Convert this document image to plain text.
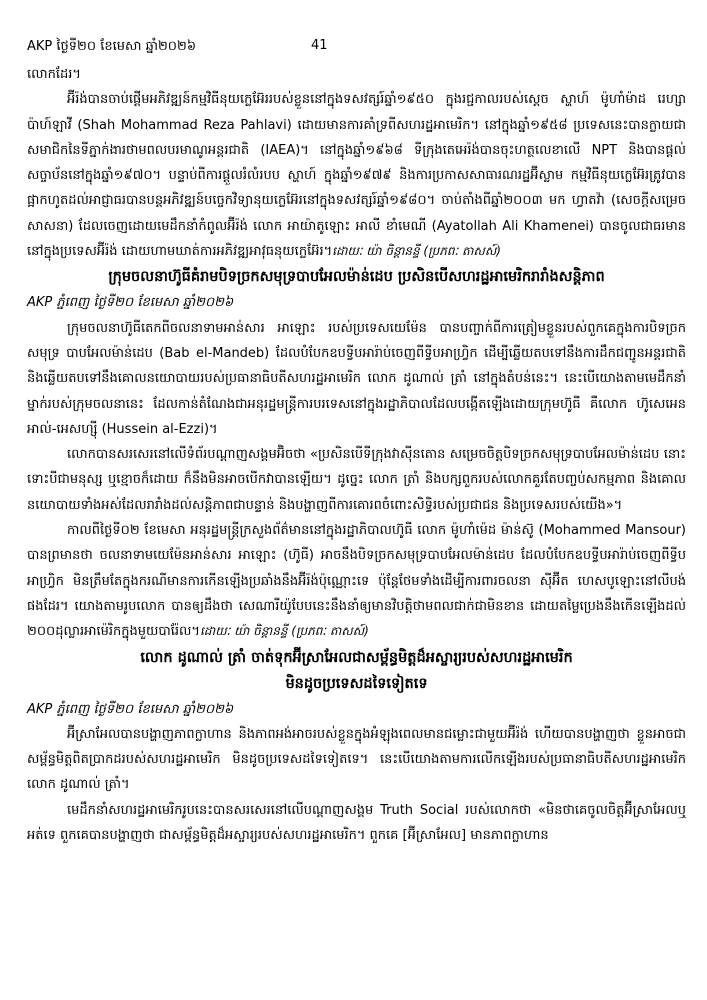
AKP ថ្ងៃទី២០ ខែមេសា ឆ្នាំ២០២៦	41

លោកដែរ។

អ៊ីរ៉ង់បានចាប់ផ្តើមអភិវឌ្ឍន៍កម្មវិធីនុយក្លេអ៊ែររបស់ខ្លួននៅក្នុងទសវត្សរ៍ឆ្នាំ១៩៥០ ក្នុងរជ្ជកាលរបស់ស្តេច ស្ហាហ៍ ម៉ូហាំម៉ាដ រេហ្សា ប៉ាហ៍ឡាវី (Shah Mohammad Reza Pahlavi) ដោយមានការគាំទ្រពីសហរដ្ឋអាមេរិក។ នៅក្នុងឆ្នាំ១៩៥៨ ប្រទេសនេះបានក្លាយជាសមាជិកនៃទីភ្នាក់ងារថាមពលបរមាណូអន្តរជាតិ (IAEA)។ នៅក្នុងឆ្នាំ១៩៦៨ ទីក្រុងតេអេរ៉ង់បានចុះហត្ថលេខាលើ NPT និងបានផ្តល់សច្ចាប័ននៅក្នុងឆ្នាំ១៩៧០។ បន្ទាប់ពីការផ្តួលរំលំរបប ស្ហាហ៍ ក្នុងឆ្នាំ១៩៧៩ និងការប្រកាសសាធារណរដ្ឋអ៊ីស្លាម កម្មវិធីនុយក្លេអ៊ែរត្រូវបានផ្អាកហូតដល់អាជ្ញាធរបានបន្តអភិវឌ្ឍន៍បច្ចេកវិទ្យានុយក្លេអ៊ែរនៅក្នុងទសវត្សរ៍ឆ្នាំ១៩៨០។ ចាប់តាំងពីឆ្នាំ២០០៣ មក ហ្វាតវ៉ា (សេចក្តីសម្រេចសាសនា) ដែលចេញដោយមេដឹកនាំកំពូលអ៊ីរ៉ង់ លោក អាយ៉ាតូឡោះ អាលី ខាំមេណី (Ayatollah Ali Khamenei) បានចូលជាធរមាននៅក្នុងប្រទេសអ៊ីរ៉ង់ ដោយហាមឃាត់ការអភិវឌ្ឍអាវុធនុយក្លេអ៊ែរ។ដោយៈ យ៉ា ចិន្តានន្ទី (ប្រភពៈ តាសស៍)

ក្រុមចលនាហ៊ូធីគំរាមបិទច្រកសមុទ្របាបអែលម៉ាន់ដេប ប្រសិនបើសហរដ្ឋអាមេរិករារាំងសន្តិភាព

AKP ភ្នំពេញ ថ្ងៃទី២០ ខែមេសា ឆ្នាំ២០២៦

ក្រុមចលនាហ៊ូធីតេកពីចលនាទាមអាន់សារ អាឡោះ របស់ប្រទេសយេម៉ែន បានបញ្ចាក់ពីការត្រៀមខ្លួនរបស់ពួកគេក្នុងការបិទច្រកសមុទ្រ បាបអែលម៉ាន់ដេប (Bab el-Mandeb) ដែលបំបែកឧបទ្វីបអារ៉ាប់ចេញពីទ្វីបអាហ្វ្រិក ដើម្បីឆ្លើយតបទៅនឹងការដឹកជញ្ជូនអន្តរជាតិ និងឆ្លើយតបទៅនឹងគោលនយោបាយរបស់ប្រធានាធិបតីសហរដ្ឋអាមេរិក លោក ដូណាល់ ត្រាំ នៅក្នុងតំបន់នេះ។ នេះបើយោងតាមមេដឹកនាំម្នាក់របស់ក្រុមចលនានេះ ដែលកាន់តំណែងជាអនុរដ្ឋមន្ត្រីការបរទេសនៅក្នុងរដ្ឋាភិបាលដែលបង្កើតឡើងដោយក្រុមហ៊ូធី គឺលោក ហ៊ូសេអេន អាល់-អេសហ្ស៊ី (Hussein al-Ezzi)។

លោកបានសរសេរនៅលើទំព័របណ្តាញសង្គមអ៊ិចថា «ប្រសិនបើទីក្រុងវាស៊ីនតោន សម្រេចចិត្តបិទច្រកសមុទ្របាបអែលម៉ាន់ដេប នោះទោះបីជាមនុស្ស ឬខ្មោចក៏ដោយ ក៏នឹងមិនអាចបើកវាបានឡើយ។ ដូច្នេះ លោក ត្រាំ និងបក្សពួករបស់លោកគួរតែបញ្ចប់សកម្មភាព និងគោលនយោបាយទាំងអស់ដែលរារាំងដល់សន្តិភាពជាបន្ទាន់ និងបង្ហាញពីការគោរពចំពោះសិទ្ធិរបស់ប្រជាជន និងប្រទេសរបស់យើង»។

កាលពីថ្ងៃទី០២ ខែមេសា អនុរដ្ឋមន្ត្រីក្រសួងព័ត៌មាននៅក្នុងរដ្ឋាភិបាលហ៊ូធី លោក ម៉ូហាំម៉េដ ម៉ាន់ស៊ូ (Mohammed Mansour) បានព្រមានថា ចលនាទាមយេម៉ែនអាន់សារ អាឡោះ (ហ៊ូធី) អាចនឹងបិទច្រកសមុទ្របាបអែលម៉ាន់ដេប ដែលបំបែកឧបទ្វីបអារ៉ាប់ចេញពីទ្វីបអាហ្វ្រិក មិនត្រឹមតែក្នុងករណីមានការកើនឡើងប្រឆាំងនឹងអ៊ីរ៉ង់ប៉ុណ្ណោះទេ ប៉ុន្តែថែមទាំងដើម្បីការពារចលនា ស៊ីអ៊ីត ហេសបូឡោះនៅលីបង់ផងដែរ។ យោងតាមរូបលោក បានឲ្យដឹងថា សេណារីយ៉ូបែបនេះនឹងនាំឲ្យមានវិបត្តិថាមពលជាក់ជាមិនខាន ដោយតម្លៃប្រេងនឹងកើនឡើងដល់ ២០០ដុល្លារអាម៉េរិកក្នុងមួយបារ៉ែល។ដោយៈ យ៉ា ចិន្តានន្ទី (ប្រភពៈ តាសស៍)

លោក ដូណាល់ ត្រាំ ចាត់ទុកអ៊ីស្រាអែលជាសម្ព័ន្ធមិត្តដ៏អស្ចារ្យរបស់សហរដ្ឋអាមេរិក
មិនដូចប្រទេសដទៃទៀតទេ

AKP ភ្នំពេញ ថ្ងៃទី២០ ខែមេសា ឆ្នាំ២០២៦

អ៊ីស្រាអែលបានបង្ហាញភាពក្លាហាន និងភាពអង់អាចរបស់ខ្លួនក្នុងអំឡុងពេលមានជម្លោះជាមួយអ៊ីរ៉ង់ ហើយបានបង្ហាញថា ខ្លួនអាចជាសម្ព័ន្ធមិត្តពិតប្រាកដរបស់សហរដ្ឋអាមេរិក មិនដូចប្រទេសដទៃទៀតទេ។ នេះបើយោងតាមការលើកឡើងរបស់ប្រធានាធិបតីសហរដ្ឋអាមេរិក លោក ដូណាល់ ត្រាំ។

មេដឹកនាំសហរដ្ឋអាមេរិករូបនេះបានសរសេរនៅលើបណ្តាញសង្គម Truth Social របស់លោកថា «មិនថាគេចូលចិត្តអ៊ីស្រាអែលឬអត់ទេ ពួកគេបានបង្ហាញថា ជាសម្ព័ន្ធមិត្តដ៏អស្ចារ្យរបស់សហរដ្ឋអាមេរិក។ ពួកគេ [អ៊ីស្រាអែល] មានភាពក្លាហាន
